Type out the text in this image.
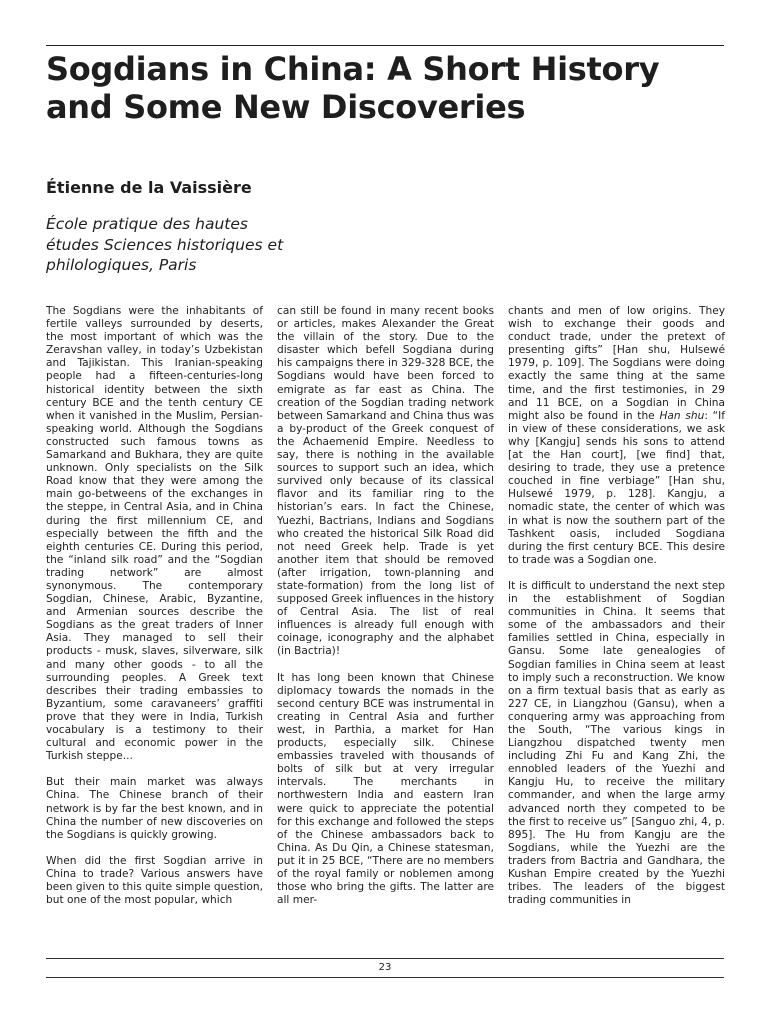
Sogdians in China: A Short History and Some New Discoveries
Étienne de la Vaissière
École pratique des hautes études Sciences historiques et philologiques, Paris

The Sogdians were the inhabitants of fertile valleys surrounded by deserts, the most important of which was the Zeravshan valley, in today’s Uzbekistan and Tajikistan. This Iranian-speaking people had a fifteen-centuries-long historical identity between the sixth century BCE and the tenth century CE when it vanished in the Muslim, Persian-speaking world. Although the Sogdians constructed such famous towns as Samarkand and Bukhara, they are quite unknown. Only specialists on the Silk Road know that they were among the main go-betweens of the exchanges in the steppe, in Central Asia, and in China during the first millennium CE, and especially between the fifth and the eighth centuries CE. During this period, the “inland silk road” and the “Sogdian trading network” are almost synonymous. The contemporary Sogdian, Chinese, Arabic, Byzantine, and Armenian sources describe the Sogdians as the great traders of Inner Asia. They managed to sell their products - musk, slaves, silverware, silk and many other goods - to all the surrounding peoples. A Greek text describes their trading embassies to Byzantium, some caravaneers’ graffiti prove that they were in India, Turkish vocabulary is a testimony to their cultural and economic power in the Turkish steppe...

But their main market was always China. The Chinese branch of their network is by far the best known, and in China the number of new discoveries on the Sogdians is quickly growing.

When did the first Sogdian arrive in China to trade? Various answers have been given to this quite simple question, but one of the most popular, which

can still be found in many recent books or articles, makes Alexander the Great the villain of the story. Due to the disaster which befell Sogdiana during his campaigns there in 329-328 BCE, the Sogdians would have been forced to emigrate as far east as China. The creation of the Sogdian trading network between Samarkand and China thus was a by-product of the Greek conquest of the Achaemenid Empire. Needless to say, there is nothing in the available sources to support such an idea, which survived only because of its classical flavor and its familiar ring to the historian’s ears. In fact the Chinese, Yuezhi, Bactrians, Indians and Sogdians who created the historical Silk Road did not need Greek help. Trade is yet another item that should be removed (after irrigation, town-planning and state-formation) from the long list of supposed Greek influences in the history of Central Asia. The list of real influences is already full enough with coinage, iconography and the alphabet (in Bactria)!

It has long been known that Chinese diplomacy towards the nomads in the second century BCE was instrumental in creating in Central Asia and further west, in Parthia, a market for Han products, especially silk. Chinese embassies traveled with thousands of bolts of silk but at very irregular intervals. The merchants in northwestern India and eastern Iran were quick to appreciate the potential for this exchange and followed the steps of the Chinese ambassadors back to China. As Du Qin, a Chinese statesman, put it in 25 BCE, “There are no members of the royal family or noblemen among those who bring the gifts. The latter are all mer-

chants and men of low origins. They wish to exchange their goods and conduct trade, under the pretext of presenting gifts” [Han shu, Hulsewé 1979, p. 109]. The Sogdians were doing exactly the same thing at the same time, and the first testimonies, in 29 and 11 BCE, on a Sogdian in China might also be found in the Han shu: “If in view of these considerations, we ask why [Kangju] sends his sons to attend [at the Han court], [we find] that, desiring to trade, they use a pretence couched in fine verbiage” [Han shu, Hulsewé 1979, p. 128]. Kangju, a nomadic state, the center of which was in what is now the southern part of the Tashkent oasis, included Sogdiana during the first century BCE. This desire to trade was a Sogdian one.

It is difficult to understand the next step in the establishment of Sogdian communities in China. It seems that some of the ambassadors and their families settled in China, especially in Gansu. Some late genealogies of Sogdian families in China seem at least to imply such a reconstruction. We know on a firm textual basis that as early as 227 CE, in Liangzhou (Gansu), when a conquering army was approaching from the South, “The various kings in Liangzhou dispatched twenty men including Zhi Fu and Kang Zhi, the ennobled leaders of the Yuezhi and Kangju Hu, to receive the military commander, and when the large army advanced north they competed to be the first to receive us” [Sanguo zhi, 4, p. 895]. The Hu from Kangju are the Sogdians, while the Yuezhi are the traders from Bactria and Gandhara, the Kushan Empire created by the Yuezhi tribes. The leaders of the biggest trading communities in

23
